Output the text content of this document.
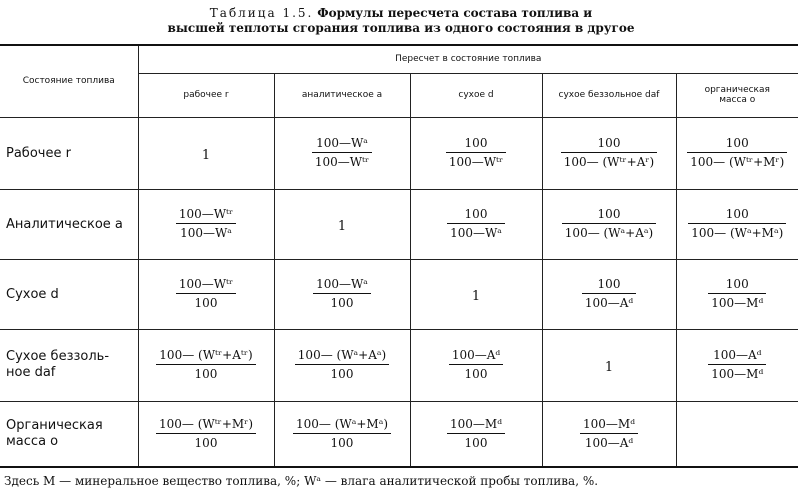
Таблица 1.5. Формулы пересчета состава топлива и
высшей теплоты сгорания топлива из одного состояния в другое
Состояние топлива	Пересчет в состояние топлива				
	рабочее r	аналитическое a	сухое d	сухое беззольное daf	органическая масса o
Рабочее r	1	$\frac{\text{100—Wᵃ}}{\text{100—Wᵗʳ}}$	$\frac{100}{\text{100—Wᵗʳ}}$	$\frac{100}{\text{100— (Wᵗʳ+Aʳ)}}$	$\frac{100}{\text{100— (Wᵗʳ+Mʳ)}}$

Аналитическое a	$\frac{\text{100—Wᵗʳ}}{\text{100—Wᵃ}}$	1	$\frac{100}{\text{100—Wᵃ}}$	$\frac{100}{\text{100— (Wᵃ+Aᵃ)}}$	$\frac{100}{\text{100— (Wᵃ+Mᵃ)}}$

Сухое d	$\frac{\text{100—Wᵗʳ}}{100}$	$\frac{\text{100—Wᵃ}}{100}$	1	$\frac{100}{\text{100—Aᵈ}}$	$\frac{100}{\text{100—Mᵈ}}$

Сухое беззоль-
ное daf	$\frac{\text{100— (Wᵗʳ+Aᵗʳ)}}{100}$	$\frac{\text{100— (Wᵃ+Aᵃ)}}{100}$	$\frac{\text{100—Aᵈ}}{100}$	1	$\frac{\text{100—Aᵈ}}{\text{100—Mᵈ}}$

Органическая
масса o	$\frac{\text{100— (Wᵗʳ+Mʳ)}}{100}$	$\frac{\text{100— (Wᵃ+Mᵃ)}}{100}$	$\frac{\text{100—Mᵈ}}{100}$	$\frac{\text{100—Mᵈ}}{\text{100—Aᵈ}}$

Здесь M — минеральное вещество топлива, %; Wᵃ — влага аналитической пробы топлива, %.
